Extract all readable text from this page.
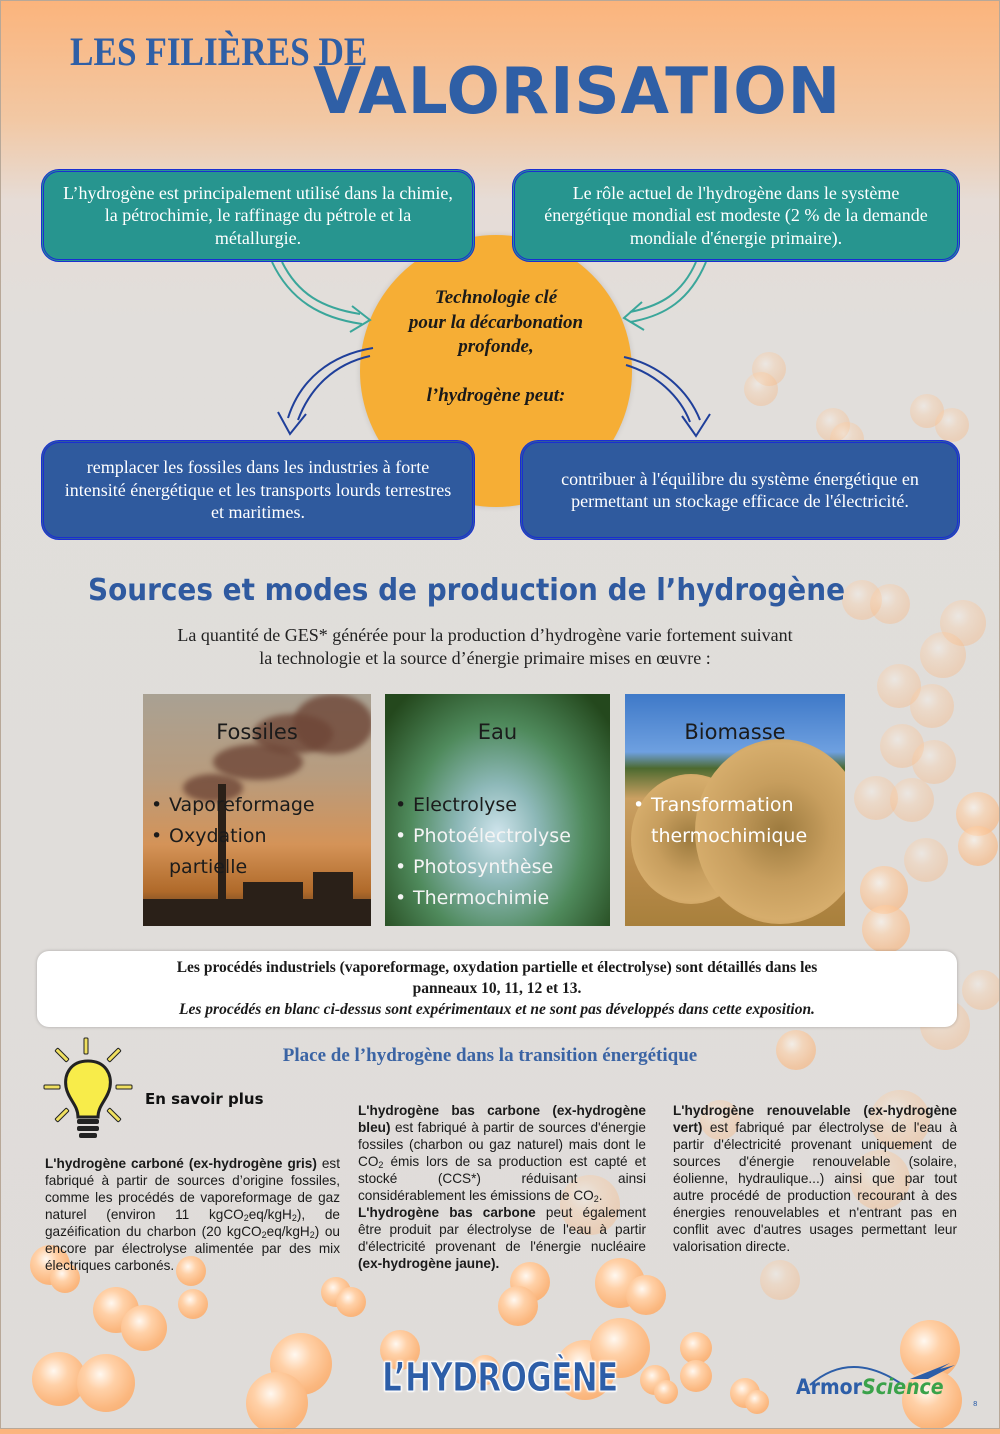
LES FILIÈRES DE
VALORISATION
Technologie clé
pour la décarbonation
profonde,
l’hydrogène peut:
L’hydrogène est principalement utilisé dans la chimie, la pétrochimie, le raffinage du pétrole et la métallurgie.
Le rôle actuel de l'hydrogène dans le système énergétique mondial est modeste (2 % de la demande mondiale d'énergie primaire).
remplacer les fossiles dans les industries à forte intensité énergétique et les transports lourds terrestres et maritimes.
contribuer à l'équilibre du système énergétique en permettant un stockage efficace de l'électricité.
Sources et modes de production de l’hydrogène
La quantité de GES* générée pour la production d’hydrogène varie fortement suivant
la technologie et la source d’énergie primaire mises en œuvre :
Fossiles
• Vaporeformage
• Oxydation partielle
Eau
• Electrolyse
• Photoélectrolyse
• Photosynthèse
• Thermochimie
Biomasse
• Transformation thermochimique
Les procédés industriels (vaporeformage, oxydation partielle et électrolyse) sont détaillés dans les
panneaux 10, 11, 12 et 13.
Les procédés en blanc ci-dessus sont expérimentaux et ne sont pas développés dans cette exposition.
En savoir plus
Place de l’hydrogène dans la transition énergétique
L'hydrogène carboné (ex-hydrogène gris) est fabriqué à partir de sources d’origine fossiles, comme les procédés de vaporeformage de gaz naturel (environ 11 kgCO$_2$eq/kgH$_2$), de gazéification du charbon (20 kgCO$_2$eq/kgH$_2$) ou encore par électrolyse alimentée par des mix électriques carbonés.
L'hydrogène bas carbone (ex-hydrogène bleu) est fabriqué à partir de sources d'énergie fossiles (charbon ou gaz naturel) mais dont le $CO_2$ émis lors de sa production est capté et stocké (CCS*) réduisant ainsi considérablement les émissions de $CO_2$.
L'hydrogène bas carbone peut également être produit par électrolyse de l'eau à partir d'électricité provenant de l'énergie nucléaire (ex-hydrogène jaune).
L'hydrogène renouvelable (ex-hydrogène vert) est fabriqué par électrolyse de l'eau à partir d'électricité provenant uniquement de sources d'énergie renouvelable (solaire, éolienne, hydraulique...) ainsi que par tout autre procédé de production recourant à des énergies renouvelables et n'entrant pas en conflit avec d'autres usages permettant leur valorisation directe.
L’HYDROGÈNE	ArmorScience
8
